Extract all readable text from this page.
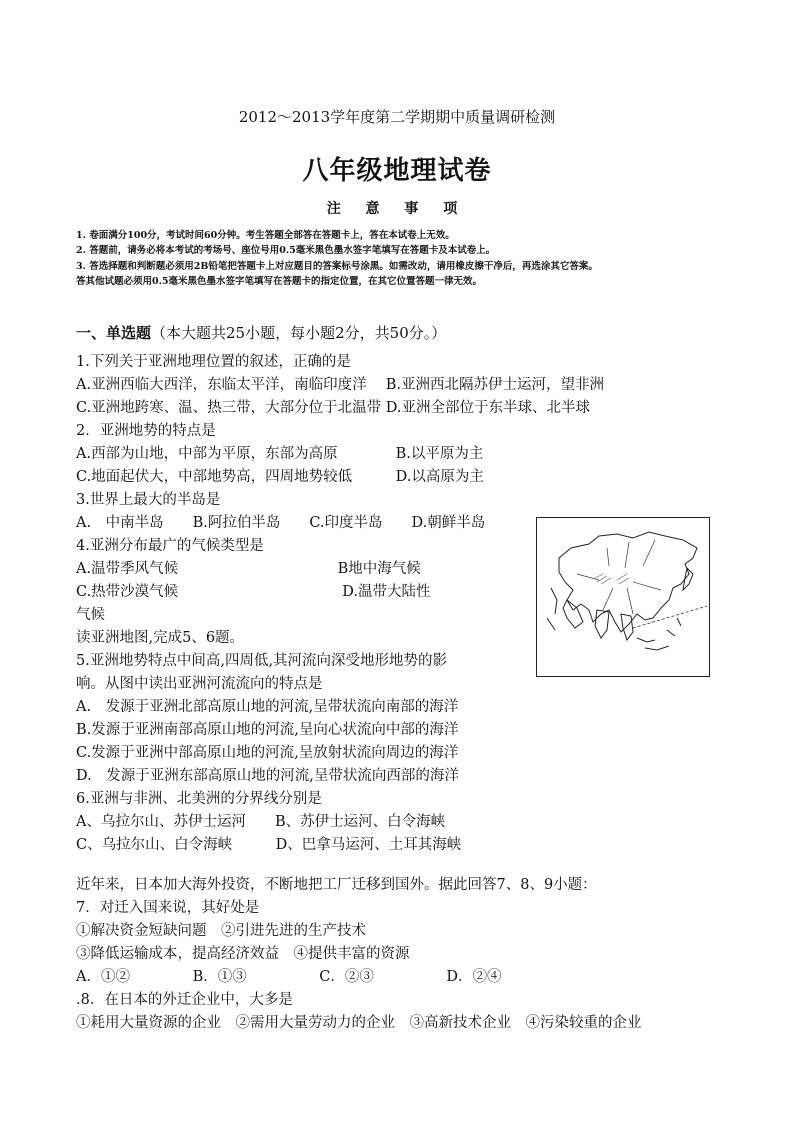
2012～2013学年度第二学期期中质量调研检测
八年级地理试卷
注 意 事 项
1. 卷面满分100分，考试时间60分钟。考生答题全部答在答题卡上，答在本试卷上无效。
2. 答题前，请务必将本考试的考场号、座位号用0.5毫米黑色墨水签字笔填写在答题卡及本试卷上。
3. 答选择题和判断题必须用2B铅笔把答题卡上对应题目的答案标号涂黑。如需改动，请用橡皮擦干净后，再选涂其它答案。
答其他试题必须用0.5毫米黑色墨水签字笔填写在答题卡的指定位置，在其它位置答题一律无效。
一、单选题（本大题共25小题，每小题2分，共50分。）
1.下列关于亚洲地理位置的叙述，正确的是
A.亚洲西临大西洋，东临太平洋，南临印度洋　 B.亚洲西北隔苏伊士运河，望非洲
C.亚洲地跨寒、温、热三带，大部分位于北温带 D.亚洲全部位于东半球、北半球
2．亚洲地势的特点是
A.西部为山地，中部为平原，东部为高原　　　　B.以平原为主
C.地面起伏大，中部地势高，四周地势较低　　　D.以高原为主
3.世界上最大的半岛是
A.　中南半岛　　B.阿拉伯半岛　　C.印度半岛　　D.朝鲜半岛
4.亚洲分布最广的气候类型是
A.温带季风气候　　　　　　　　　　　B地中海气候
C.热带沙漠气候　　　　　　　　　　　 D.温带大陆性
气候
读亚洲地图,完成5、6题。
5.亚洲地势特点中间高,四周低,其河流向深受地形地势的影
响。从图中读出亚洲河流流向的特点是
A.　发源于亚洲北部高原山地的河流,呈带状流向南部的海洋
B.发源于亚洲南部高原山地的河流,呈向心状流向中部的海洋
C.发源于亚洲中部高原山地的河流,呈放射状流向周边的海洋
D.　发源于亚洲东部高原山地的河流,呈带状流向西部的海洋
6.亚洲与非洲、北美洲的分界线分别是
A、乌拉尔山、苏伊士运河　　B、苏伊士运河、白令海峡
C、乌拉尔山、白令海峡　　　D、巴拿马运河、土耳其海峡
近年来，日本加大海外投资，不断地把工厂迁移到国外。据此回答7、8、9小题：
7．对迁入国来说，其好处是
①解决资金短缺问题　②引进先进的生产技术
③降低运输成本，提高经济效益　④提供丰富的资源
A．①②　　　　 B．①③　　　　　C．②③　　　　　D．②④
.8．在日本的外迁企业中，大多是
①耗用大量资源的企业　②需用大量劳动力的企业　③高新技术企业　④污染较重的企业
